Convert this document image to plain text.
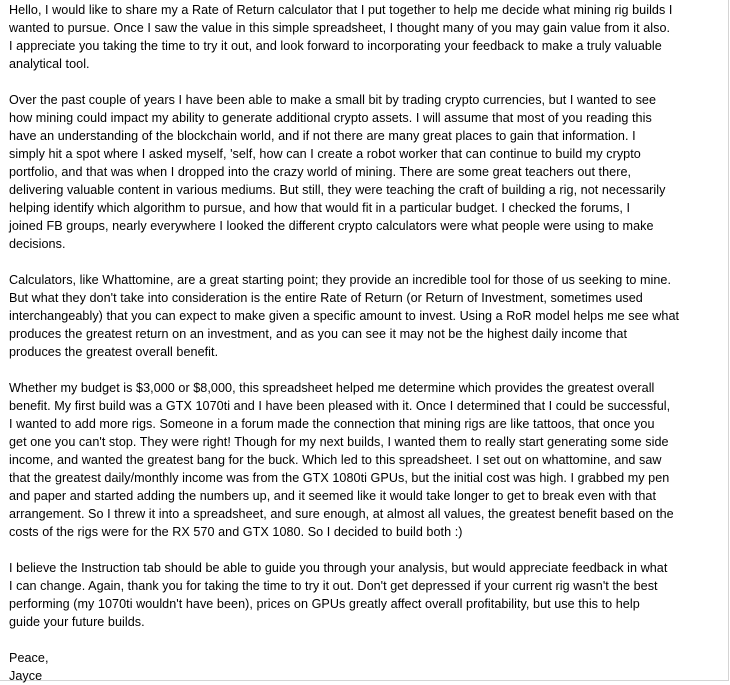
Hello, I would like to share my a Rate of Return calculator that I put together to help me decide what mining rig builds I
wanted to pursue. Once I saw the value in this simple spreadsheet, I thought many of you may gain value from it also.
I appreciate you taking the time to try it out, and look forward to incorporating your feedback to make a truly valuable
analytical tool.

Over the past couple of years I have been able to make a small bit by trading crypto currencies, but I wanted to see
how mining could impact my ability to generate additional crypto assets. I will assume that most of you reading this
have an understanding of the blockchain world, and if not there are many great places to gain that information. I
simply hit a spot where I asked myself, 'self, how can I create a robot worker that can continue to build my crypto
portfolio, and that was when I dropped into the crazy world of mining. There are some great teachers out there,
delivering valuable content in various mediums. But still, they were teaching the craft of building a rig, not necessarily
helping identify which algorithm to pursue, and how that would fit in a particular budget. I checked the forums, I
joined FB groups, nearly everywhere I looked the different crypto calculators were what people were using to make
decisions.

Calculators, like Whattomine, are a great starting point; they provide an incredible tool for those of us seeking to mine.
But what they don't take into consideration is the entire Rate of Return (or Return of Investment, sometimes used
interchangeably) that you can expect to make given a specific amount to invest. Using a RoR model helps me see what
produces the greatest return on an investment, and as you can see it may not be the highest daily income that
produces the greatest overall benefit.

Whether my budget is $3,000 or $8,000, this spreadsheet helped me determine which provides the greatest overall
benefit. My first build was a GTX 1070ti and I have been pleased with it. Once I determined that I could be successful,
I wanted to add more rigs. Someone in a forum made the connection that mining rigs are like tattoos, that once you
get one you can't stop. They were right! Though for my next builds, I wanted them to really start generating some side
income, and wanted the greatest bang for the buck. Which led to this spreadsheet. I set out on whattomine, and saw
that the greatest daily/monthly income was from the GTX 1080ti GPUs, but the initial cost was high. I grabbed my pen
and paper and started adding the numbers up, and it seemed like it would take longer to get to break even with that
arrangement. So I threw it into a spreadsheet, and sure enough, at almost all values, the greatest benefit based on the
costs of the rigs were for the RX 570 and GTX 1080. So I decided to build both :)

I believe the Instruction tab should be able to guide you through your analysis, but would appreciate feedback in what
I can change. Again, thank you for taking the time to try it out. Don't get depressed if your current rig wasn't the best
performing (my 1070ti wouldn't have been), prices on GPUs greatly affect overall profitability, but use this to help
guide your future builds.

Peace,

Jayce
